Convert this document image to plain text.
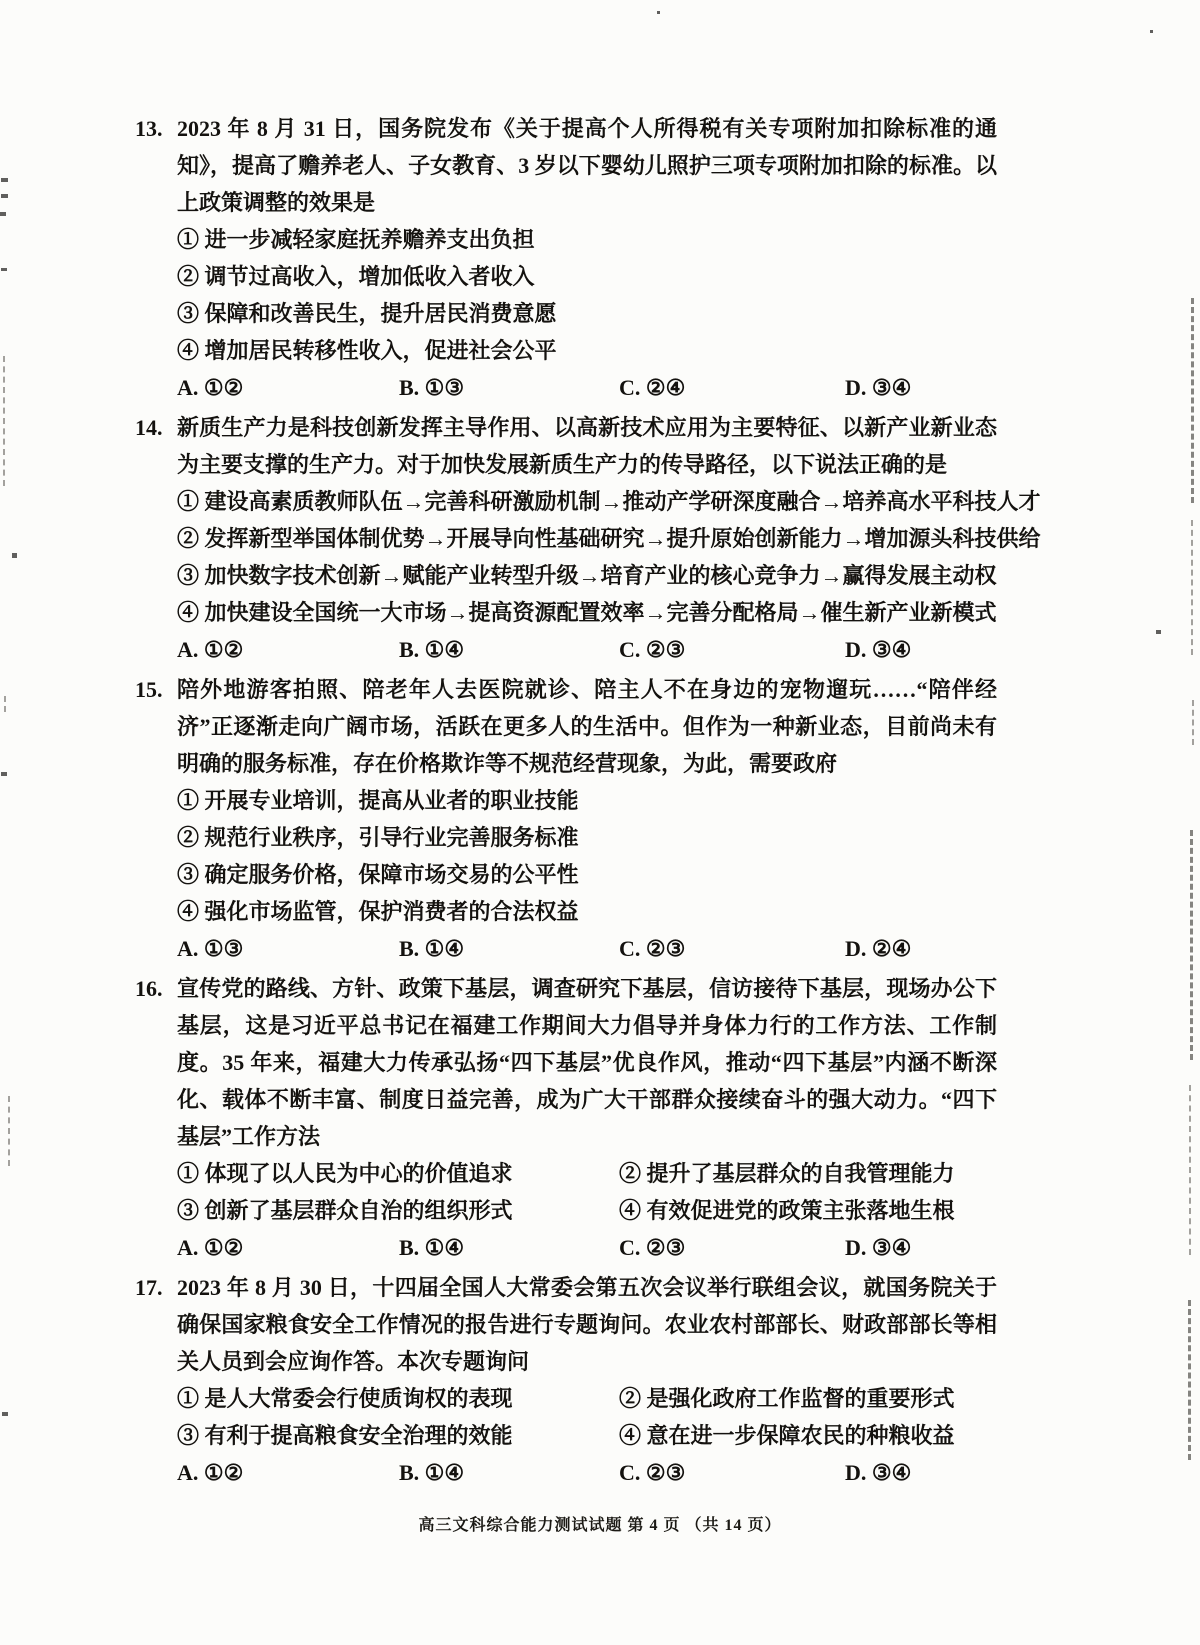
13. 2023 年 8 月 31 日，国务院发布《关于提高个人所得税有关专项附加扣除标准的通知》，提高了赡养老人、子女教育、3 岁以下婴幼儿照护三项专项附加扣除的标准。以上政策调整的效果是

① 进一步减轻家庭抚养赡养支出负担
② 调节过高收入，增加低收入者收入
③ 保障和改善民生，提升居民消费意愿
④ 增加居民转移性收入，促进社会公平
A. ①②	B. ①③	C. ②④	D. ③④
14. 新质生产力是科技创新发挥主导作用、以高新技术应用为主要特征、以新产业新业态为主要支撑的生产力。对于加快发展新质生产力的传导路径，以下说法正确的是

① 建设高素质教师队伍→完善科研激励机制→推动产学研深度融合→培养高水平科技人才
② 发挥新型举国体制优势→开展导向性基础研究→提升原始创新能力→增加源头科技供给
③ 加快数字技术创新→赋能产业转型升级→培育产业的核心竞争力→赢得发展主动权
④ 加快建设全国统一大市场→提高资源配置效率→完善分配格局→催生新产业新模式
A. ①②	B. ①④	C. ②③	D. ③④
15. 陪外地游客拍照、陪老年人去医院就诊、陪主人不在身边的宠物遛玩……“陪伴经济”正逐渐走向广阔市场，活跃在更多人的生活中。但作为一种新业态，目前尚未有明确的服务标准，存在价格欺诈等不规范经营现象，为此，需要政府

① 开展专业培训，提高从业者的职业技能
② 规范行业秩序，引导行业完善服务标准
③ 确定服务价格，保障市场交易的公平性
④ 强化市场监管，保护消费者的合法权益
A. ①③	B. ①④	C. ②③	D. ②④
16. 宣传党的路线、方针、政策下基层，调查研究下基层，信访接待下基层，现场办公下基层，这是习近平总书记在福建工作期间大力倡导并身体力行的工作方法、工作制度。35 年来，福建大力传承弘扬“四下基层”优良作风，推动“四下基层”内涵不断深化、载体不断丰富、制度日益完善，成为广大干部群众接续奋斗的强大动力。“四下基层”工作方法

① 体现了以人民为中心的价值追求	② 提升了基层群众的自我管理能力
③ 创新了基层群众自治的组织形式	④ 有效促进党的政策主张落地生根
A. ①②	B. ①④	C. ②③	D. ③④
17. 2023 年 8 月 30 日，十四届全国人大常委会第五次会议举行联组会议，就国务院关于确保国家粮食安全工作情况的报告进行专题询问。农业农村部部长、财政部部长等相关人员到会应询作答。本次专题询问

① 是人大常委会行使质询权的表现	② 是强化政府工作监督的重要形式
③ 有利于提高粮食安全治理的效能	④ 意在进一步保障农民的种粮收益
A. ①②	B. ①④	C. ②③	D. ③④
高三文科综合能力测试试题 第 4 页 （共 14 页）
